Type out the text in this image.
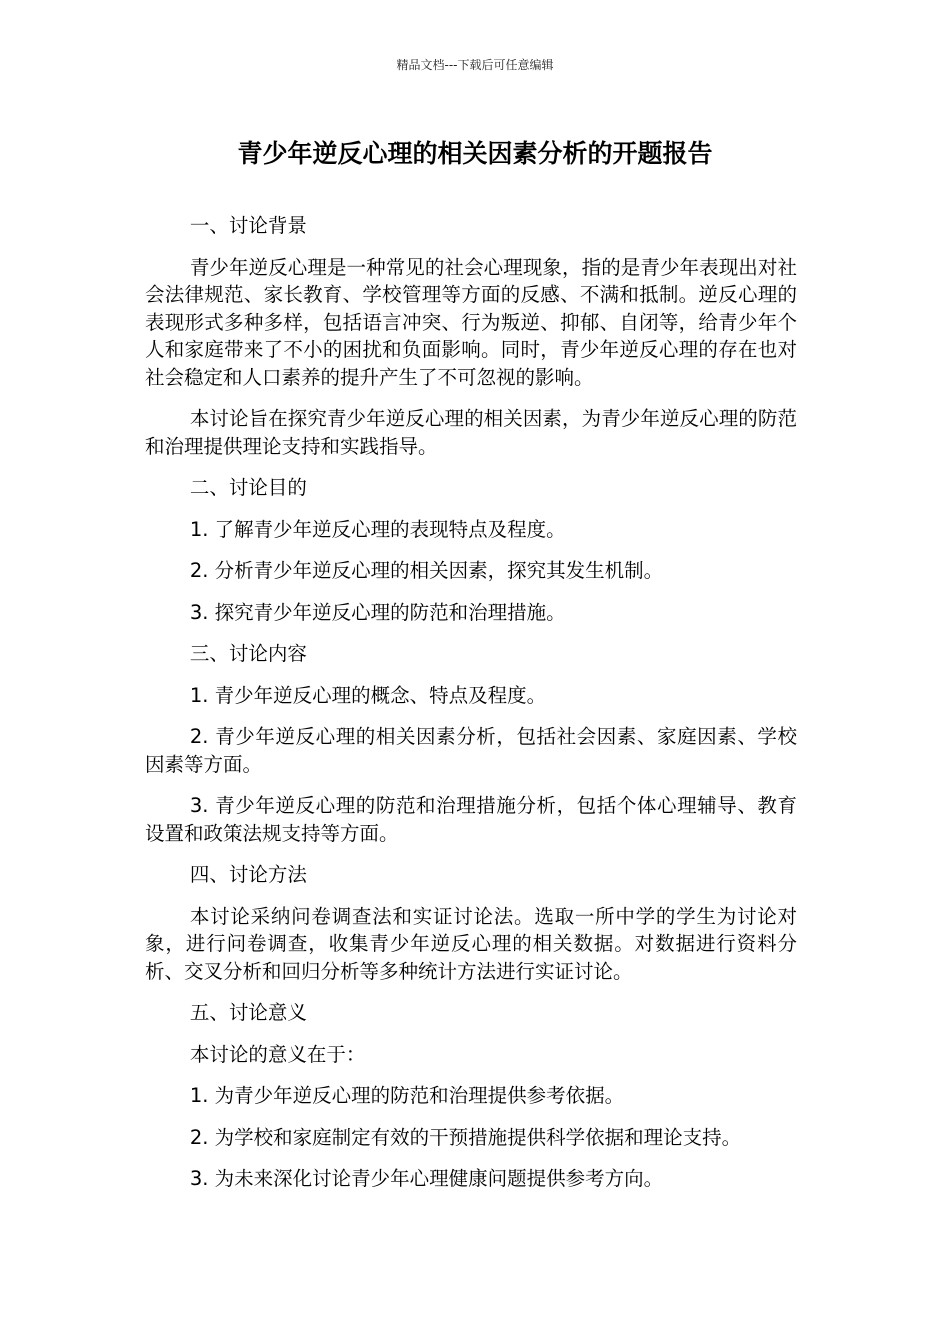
精品文档---下载后可任意编辑
青少年逆反心理的相关因素分析的开题报告

一、讨论背景

青少年逆反心理是一种常见的社会心理现象，指的是青少年表现出对社会法律规范、家长教育、学校管理等方面的反感、不满和抵制。逆反心理的表现形式多种多样，包括语言冲突、行为叛逆、抑郁、自闭等，给青少年个人和家庭带来了不小的困扰和负面影响。同时，青少年逆反心理的存在也对社会稳定和人口素养的提升产生了不可忽视的影响。

本讨论旨在探究青少年逆反心理的相关因素，为青少年逆反心理的防范和治理提供理论支持和实践指导。

二、讨论目的

1. 了解青少年逆反心理的表现特点及程度。

2. 分析青少年逆反心理的相关因素，探究其发生机制。

3. 探究青少年逆反心理的防范和治理措施。

三、讨论内容

1. 青少年逆反心理的概念、特点及程度。

2. 青少年逆反心理的相关因素分析，包括社会因素、家庭因素、学校因素等方面。

3. 青少年逆反心理的防范和治理措施分析，包括个体心理辅导、教育设置和政策法规支持等方面。

四、讨论方法

本讨论采纳问卷调查法和实证讨论法。选取一所中学的学生为讨论对象，进行问卷调查，收集青少年逆反心理的相关数据。对数据进行资料分析、交叉分析和回归分析等多种统计方法进行实证讨论。

五、讨论意义

本讨论的意义在于：

1. 为青少年逆反心理的防范和治理提供参考依据。

2. 为学校和家庭制定有效的干预措施提供科学依据和理论支持。

3. 为未来深化讨论青少年心理健康问题提供参考方向。
